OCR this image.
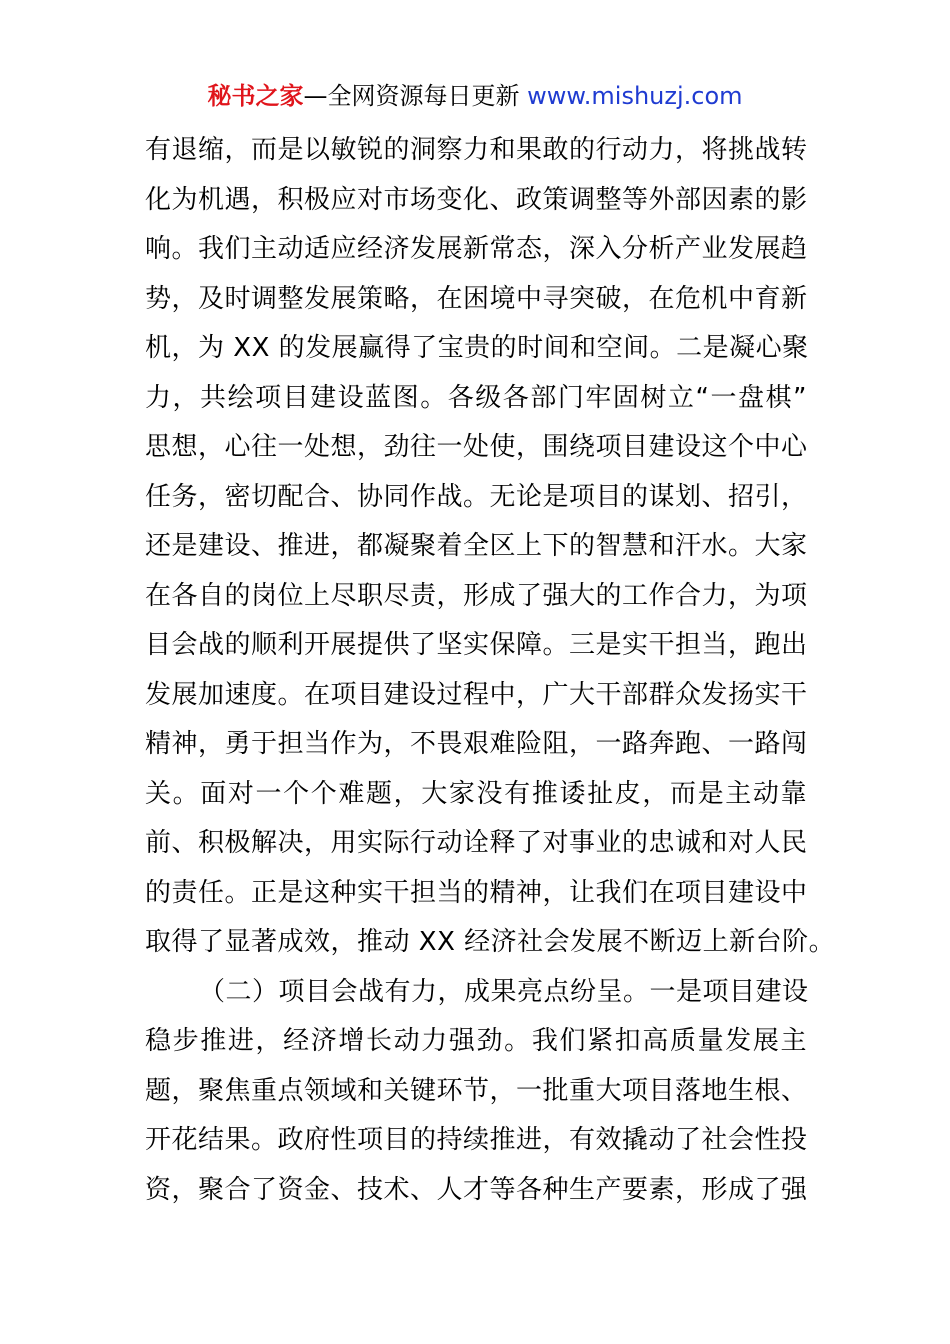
秘书之家—全网资源每日更新 www.mishuzj.com
有退缩，而是以敏锐的洞察力和果敢的行动力，将挑战转
化为机遇，积极应对市场变化、政策调整等外部因素的影
响。我们主动适应经济发展新常态，深入分析产业发展趋
势，及时调整发展策略，在困境中寻突破，在危机中育新
机，为 XX 的发展赢得了宝贵的时间和空间。二是凝心聚
力，共绘项目建设蓝图。各级各部门牢固树立“一盘棋”
思想，心往一处想，劲往一处使，围绕项目建设这个中心
任务，密切配合、协同作战。无论是项目的谋划、招引，
还是建设、推进，都凝聚着全区上下的智慧和汗水。大家
在各自的岗位上尽职尽责，形成了强大的工作合力，为项
目会战的顺利开展提供了坚实保障。三是实干担当，跑出
发展加速度。在项目建设过程中，广大干部群众发扬实干
精神，勇于担当作为，不畏艰难险阻，一路奔跑、一路闯
关。面对一个个难题，大家没有推诿扯皮，而是主动靠
前、积极解决，用实际行动诠释了对事业的忠诚和对人民
的责任。正是这种实干担当的精神，让我们在项目建设中
取得了显著成效，推动 XX 经济社会发展不断迈上新台阶。
（二）项目会战有力，成果亮点纷呈。一是项目建设
稳步推进，经济增长动力强劲。我们紧扣高质量发展主
题，聚焦重点领域和关键环节，一批重大项目落地生根、
开花结果。政府性项目的持续推进，有效撬动了社会性投
资，聚合了资金、技术、人才等各种生产要素，形成了强
